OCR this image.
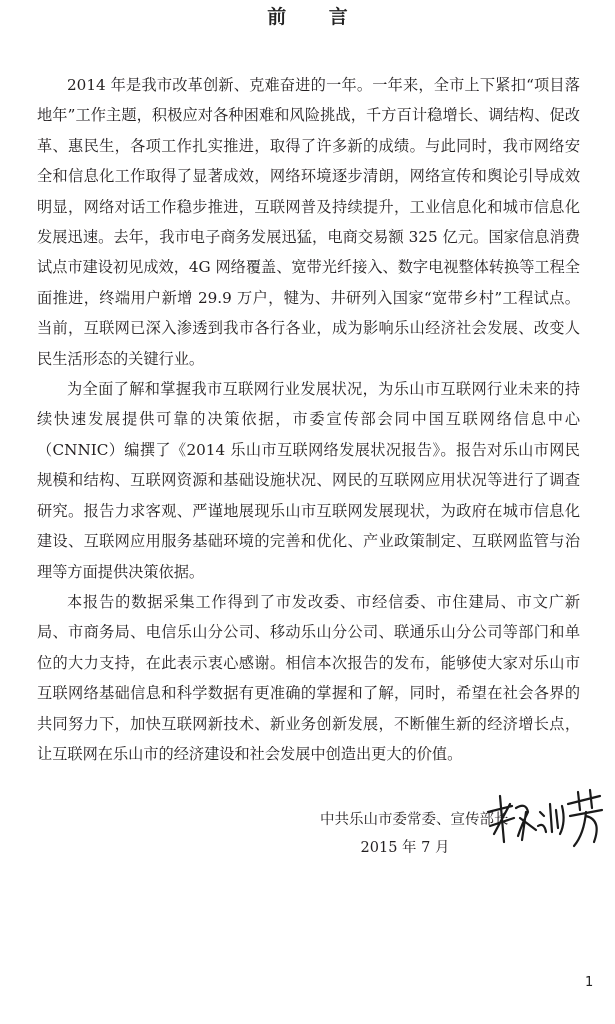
前 言

2014 年是我市改革创新、克难奋进的一年。一年来，全市上下紧扣“项目落地年”工作主题，积极应对各种困难和风险挑战，千方百计稳增长、调结构、促改革、惠民生，各项工作扎实推进，取得了许多新的成绩。与此同时，我市网络安全和信息化工作取得了显著成效，网络环境逐步清朗，网络宣传和舆论引导成效明显，网络对话工作稳步推进，互联网普及持续提升，工业信息化和城市信息化发展迅速。去年，我市电子商务发展迅猛，电商交易额 325 亿元。国家信息消费试点市建设初见成效，4G 网络覆盖、宽带光纤接入、数字电视整体转换等工程全面推进，终端用户新增 29.9 万户，犍为、井研列入国家“宽带乡村”工程试点。当前，互联网已深入渗透到我市各行各业，成为影响乐山经济社会发展、改变人民生活形态的关键行业。

为全面了解和掌握我市互联网行业发展状况，为乐山市互联网行业未来的持续快速发展提供可靠的决策依据，市委宣传部会同中国互联网络信息中心（CNNIC）编撰了《2014 乐山市互联网络发展状况报告》。报告对乐山市网民规模和结构、互联网资源和基础设施状况、网民的互联网应用状况等进行了调查研究。报告力求客观、严谨地展现乐山市互联网发展现状，为政府在城市信息化建设、互联网应用服务基础环境的完善和优化、产业政策制定、互联网监管与治理等方面提供决策依据。

本报告的数据采集工作得到了市发改委、市经信委、市住建局、市文广新局、市商务局、电信乐山分公司、移动乐山分公司、联通乐山分公司等部门和单位的大力支持，在此表示衷心感谢。相信本次报告的发布，能够使大家对乐山市互联网络基础信息和科学数据有更准确的掌握和了解，同时，希望在社会各界的共同努力下，加快互联网新技术、新业务创新发展，不断催生新的经济增长点，让互联网在乐山市的经济建设和社会发展中创造出更大的价值。

中共乐山市委常委、宣传部长
2015 年 7 月
1
